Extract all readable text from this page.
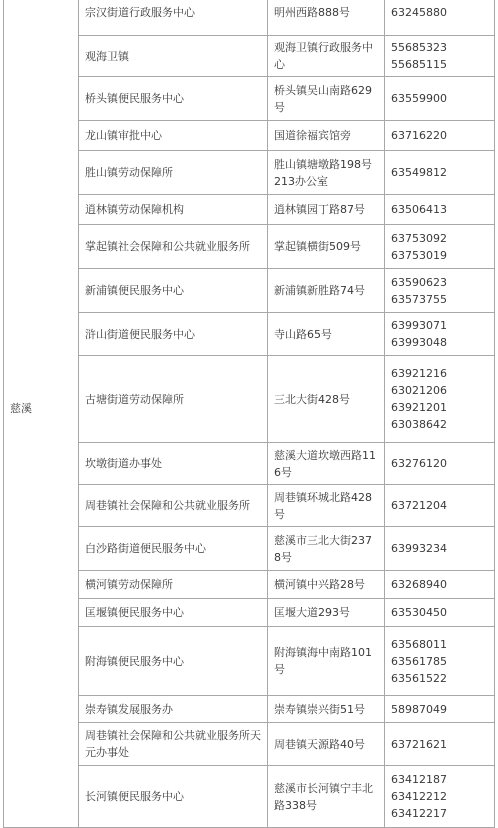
慈溪	宗汉街道行政服务中心	明州西路888号	63245880

	观海卫镇	观海卫镇行政服务中心	55685323
55685115

	桥头镇便民服务中心	桥头镇吴山南路629号	63559900

	龙山镇审批中心	国道徐福宾馆旁	63716220

	胜山镇劳动保障所	胜山镇塘墩路198号213办公室	63549812

	逍林镇劳动保障机构	逍林镇园丁路87号	63506413

	掌起镇社会保障和公共就业服务所	掌起镇横街509号	63753092
63753019

	新浦镇便民服务中心	新浦镇新胜路74号	63590623
63573755

	浒山街道便民服务中心	寺山路65号	63993071
63993048

	古塘街道劳动保障所	三北大街428号	63921216
63021206
63921201
63038642

	坎墩街道办事处	慈溪大道坎墩西路116号	63276120

	周巷镇社会保障和公共就业服务所	周巷镇环城北路428号	63721204

	白沙路街道便民服务中心	慈溪市三北大街2378号	63993234

	横河镇劳动保障所	横河镇中兴路28号	63268940

	匡堰镇便民服务中心	匡堰大道293号	63530450

	附海镇便民服务中心	附海镇海中南路101号	63568011
63561785
63561522

	崇寿镇发展服务办	崇寿镇崇兴街51号	58987049

	周巷镇社会保障和公共就业服务所天元办事处	周巷镇天源路40号	63721621

	长河镇便民服务中心	慈溪市长河镇宁丰北路338号	63412187
63412212
63412217
